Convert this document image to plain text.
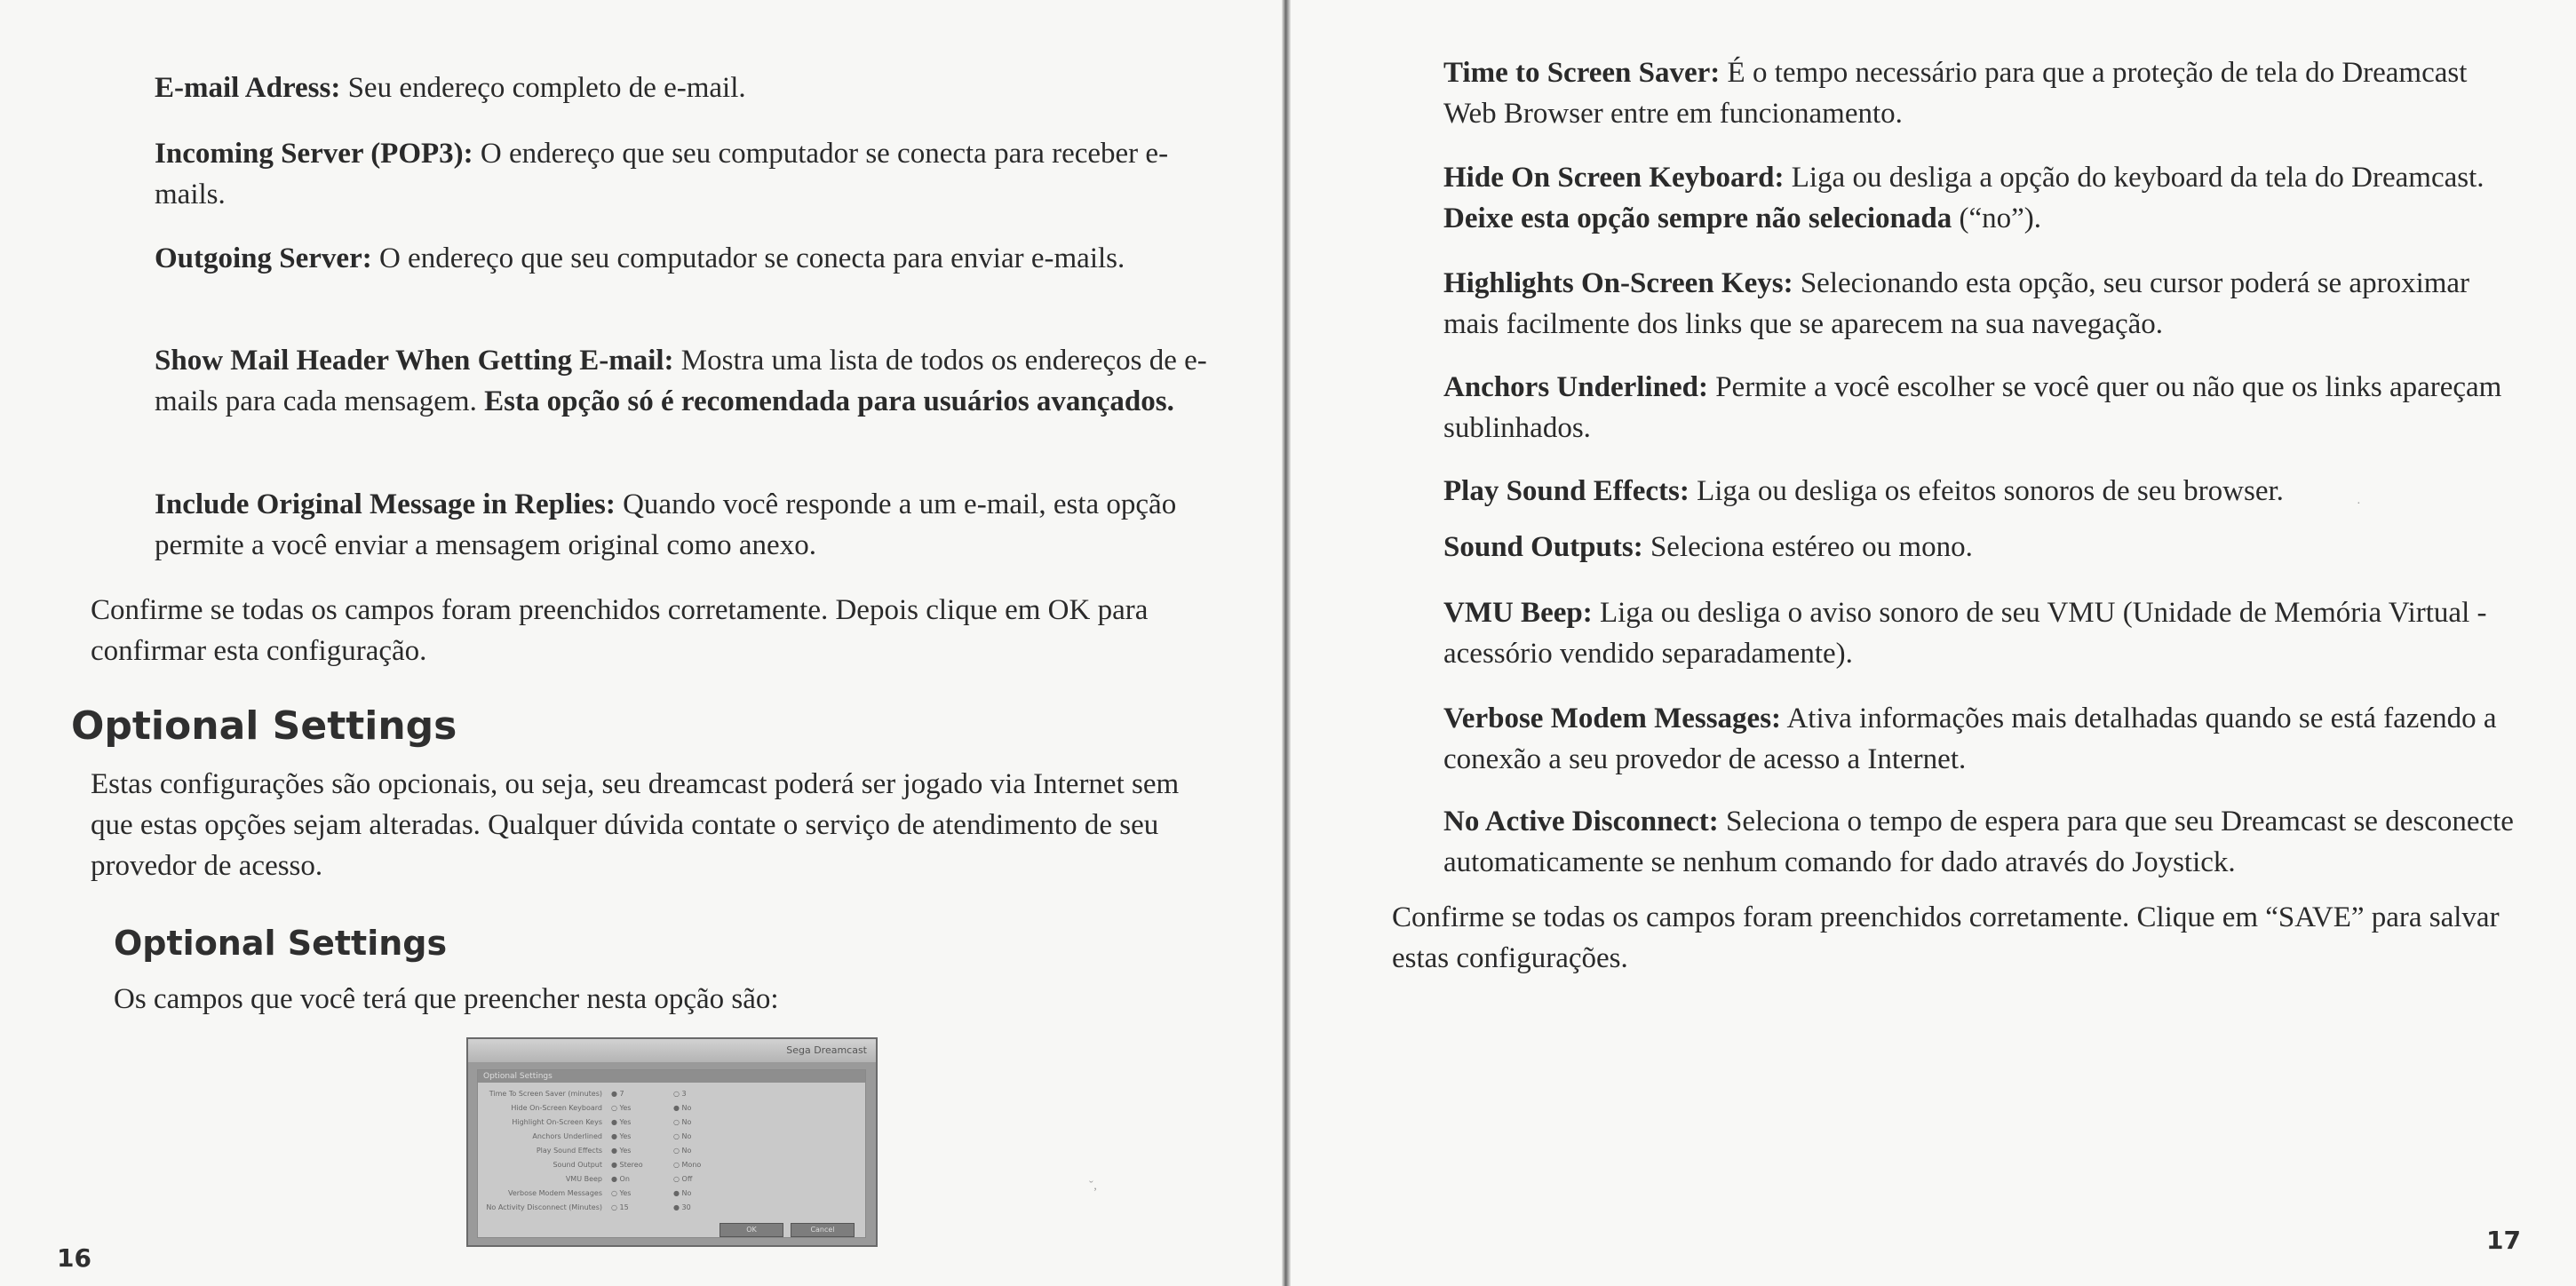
E-mail Adress: Seu endereço completo de e-mail.

Incoming Server (POP3): O endereço que seu computador se conecta para receber e-mails.

Outgoing Server: O endereço que seu computador se conecta para enviar e-mails.

Show Mail Header When Getting E-mail: Mostra uma lista de todos os endereços de e-mails para cada mensagem. Esta opção só é recomendada para usuários avançados.

Include Original Message in Replies: Quando você responde a um e-mail, esta opção permite a você enviar a mensagem original como anexo.

Confirme se todas os campos foram preenchidos corretamente. Depois clique em OK para confirmar esta configuração.

Optional Settings

Estas configurações são opcionais, ou seja, seu dreamcast poderá ser jogado via Internet sem que estas opções sejam alteradas. Qualquer dúvida contate o serviço de atendimento de seu provedor de acesso.

Optional Settings

Os campos que você terá que preencher nesta opção são:

Sega Dreamcast
Optional Settings
Time To Screen Saver (minutes) ● 7	○ 3
Hide On-Screen Keyboard ○ Yes	● No
Highlight On-Screen Keys ● Yes	○ No
Anchors Underlined ● Yes	○ No
Play Sound Effects ● Yes	○ No
Sound Output ● Stereo	○ Mono
VMU Beep ● On	○ Off
Verbose Modem Messages ○ Yes	● No
No Activity Disconnect (Minutes) ○ 15	● 30
OK	Cancel
ˇ‚
16

Time to Screen Saver: É o tempo necessário para que a proteção de tela do Dreamcast Web Browser entre em funcionamento.

Hide On Screen Keyboard: Liga ou desliga a opção do keyboard da tela do Dreamcast. Deixe esta opção sempre não selecionada (“no”).

Highlights On-Screen Keys: Selecionando esta opção, seu cursor poderá se aproximar mais facilmente dos links que se aparecem na sua navegação.

Anchors Underlined: Permite a você escolher se você quer ou não que os links apareçam sublinhados.

Play Sound Effects: Liga ou desliga os efeitos sonoros de seu browser.

Sound Outputs: Seleciona estéreo ou mono.

VMU Beep: Liga ou desliga o aviso sonoro de seu VMU (Unidade de Memória Virtual - acessório vendido separadamente).

Verbose Modem Messages: Ativa informações mais detalhadas quando se está fazendo a conexão a seu provedor de acesso a Internet.

No Active Disconnect: Seleciona o tempo de espera para que seu Dreamcast se desconecte automaticamente se nenhum comando for dado através do Joystick.

Confirme se todas os campos foram preenchidos corretamente. Clique em “SAVE” para salvar estas configurações.

·
17
